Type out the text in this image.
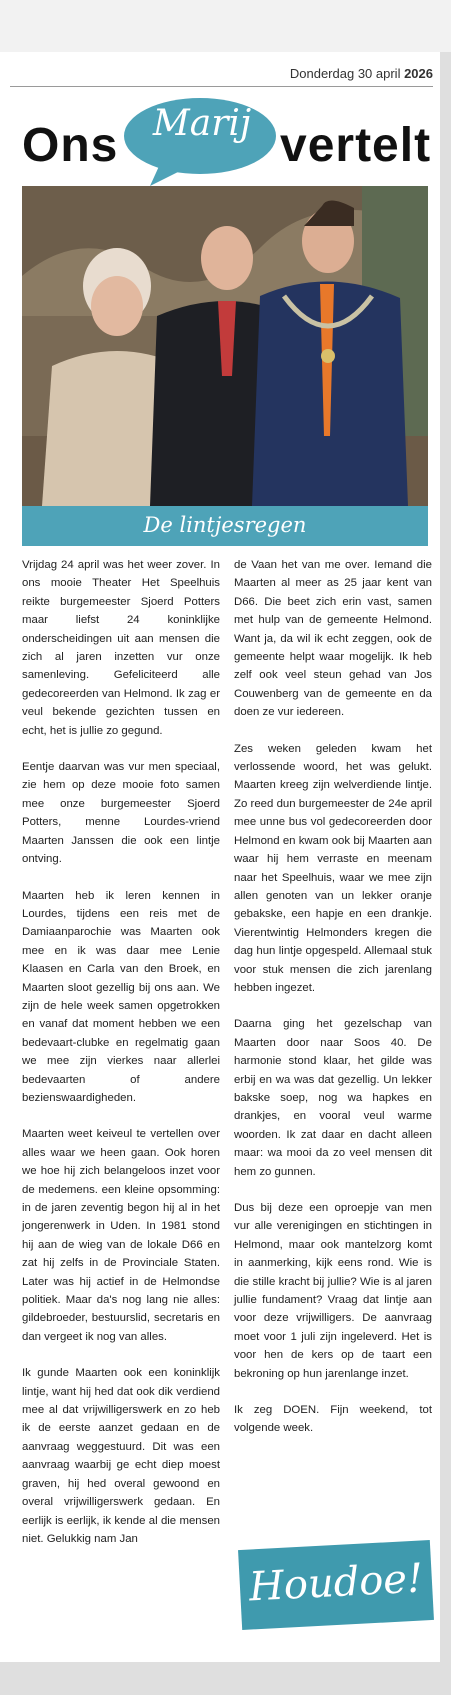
Donderdag 30 april 2026
Ons Marij vertelt
De lintjesregen

Vrijdag 24 april was het weer zover. In ons mooie Theater Het Speelhuis reikte burgemeester Sjoerd Potters maar liefst 24 koninklijke onderscheidingen uit aan mensen die zich al jaren inzetten vur onze samenleving. Gefeliciteerd alle gedecoreerden van Helmond. Ik zag er veul bekende gezichten tussen en echt, het is jullie zo gegund.

Eentje daarvan was vur men speciaal, zie hem op deze mooie foto samen mee onze burgemeester Sjoerd Potters, menne Lourdes-vriend Maarten Janssen die ook een lintje ontving.

Maarten heb ik leren kennen in Lourdes, tijdens een reis met de Damiaanparochie was Maarten ook mee en ik was daar mee Lenie Klaasen en Carla van den Broek, en Maarten sloot gezellig bij ons aan. We zijn de hele week samen opgetrokken en vanaf dat moment hebben we een bedevaart-clubke en regelmatig gaan we mee zijn vierkes naar allerlei bedevaarten of andere bezienswaardigheden.

Maarten weet keiveul te vertellen over alles waar we heen gaan. Ook horen we hoe hij zich belangeloos inzet voor de medemens. een kleine opsomming: in de jaren zeventig begon hij al in het jongerenwerk in Uden. In 1981 stond hij aan de wieg van de lokale D66 en zat hij zelfs in de Provinciale Staten. Later was hij actief in de Helmondse politiek. Maar da's nog lang nie alles: gildebroeder, bestuurslid, secretaris en dan vergeet ik nog van alles.

Ik gunde Maarten ook een koninklijk lintje, want hij hed dat ook dik verdiend mee al dat vrijwilligerswerk en zo heb ik de eerste aanzet gedaan en de aanvraag weggestuurd. Dit was een aanvraag waarbij ge echt diep moest graven, hij hed overal gewoond en overal vrijwilligerswerk gedaan. En eerlijk is eerlijk, ik kende al die mensen niet. Gelukkig nam Jan

de Vaan het van me over. Iemand die Maarten al meer as 25 jaar kent van D66. Die beet zich erin vast, samen met hulp van de gemeente Helmond. Want ja, da wil ik echt zeggen, ook de gemeente helpt waar mogelijk. Ik heb zelf ook veel steun gehad van Jos Couwenberg van de gemeente en da doen ze vur iedereen.

Zes weken geleden kwam het verlossende woord, het was gelukt. Maarten kreeg zijn welverdiende lintje. Zo reed dun burgemeester de 24e april mee unne bus vol gedecoreerden door Helmond en kwam ook bij Maarten aan waar hij hem verraste en meenam naar het Speelhuis, waar we mee zijn allen genoten van un lekker oranje gebakske, een hapje en een drankje. Vierentwintig Helmonders kregen die dag hun lintje opgespeld. Allemaal stuk voor stuk mensen die zich jarenlang hebben ingezet.

Daarna ging het gezelschap van Maarten door naar Soos 40. De harmonie stond klaar, het gilde was erbij en wa was dat gezellig. Un lekker bakske soep, nog wa hapkes en drankjes, en vooral veul warme woorden. Ik zat daar en dacht alleen maar: wa mooi da zo veel mensen dit hem zo gunnen.

Dus bij deze een oproepje van men vur alle verenigingen en stichtingen in Helmond, maar ook mantelzorg komt in aanmerking, kijk eens rond. Wie is die stille kracht bij jullie? Wie is al jaren jullie fundament? Vraag dat lintje aan voor deze vrijwilligers. De aanvraag moet voor 1 juli zijn ingeleverd. Het is voor hen de kers op de taart een bekroning op hun jarenlange inzet.

Ik zeg DOEN. Fijn weekend, tot volgende week.

Houdoe!
